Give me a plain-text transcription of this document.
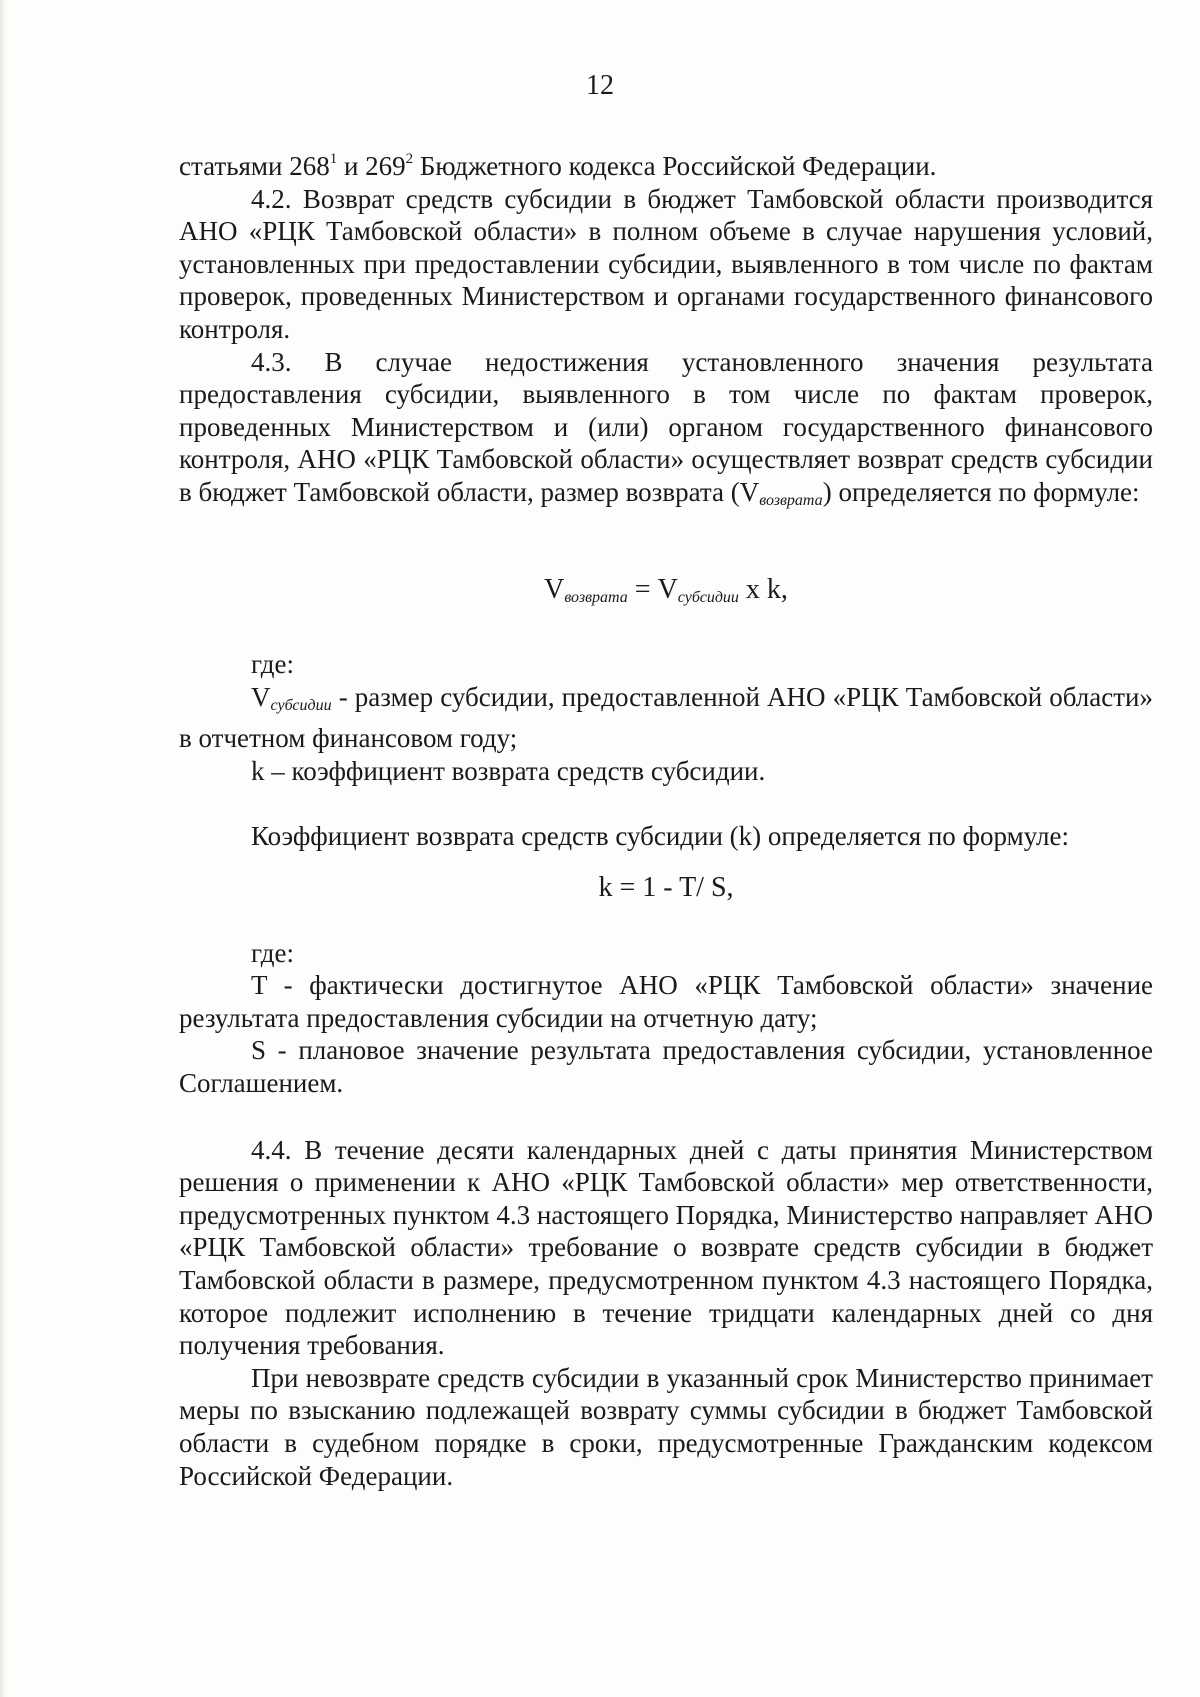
12

статьями $268^1$ и $269^2$ Бюджетного кодекса Российской Федерации.

4.2. Возврат средств субсидии в бюджет Тамбовской области производится АНО «РЦК Тамбовской области» в полном объеме в случае нарушения условий, установленных при предоставлении субсидии, выявленного в том числе по фактам проверок, проведенных Министерством и органами государственного финансового контроля.

4.3. В случае недостижения установленного значения результата предоставления субсидии, выявленного в том числе по фактам проверок, проведенных Министерством и (или) органом государственного финансового контроля, АНО «РЦК Тамбовской области» осуществляет возврат средств субсидии в бюджет Тамбовской области, размер возврата (Vвозврата) определяется по формуле:

$V_{возврата} = V_{субсидии}$ x k,

где:

Vсубсидии - размер субсидии, предоставленной АНО «РЦК Тамбовской области» в отчетном финансовом году;

k – коэффициент возврата средств субсидии.

Коэффициент возврата средств субсидии (k) определяется по формуле:

k = 1 - T/ S,

где:

T - фактически достигнутое АНО «РЦК Тамбовской области» значение результата предоставления субсидии на отчетную дату;

S - плановое значение результата предоставления субсидии, установленное Соглашением.

4.4. В течение десяти календарных дней с даты принятия Министерством решения о применении к АНО «РЦК Тамбовской области» мер ответственности, предусмотренных пунктом 4.3 настоящего Порядка, Министерство направляет АНО «РЦК Тамбовской области» требование о возврате средств субсидии в бюджет Тамбовской области в размере, предусмотренном пунктом 4.3 настоящего Порядка, которое подлежит исполнению в течение тридцати календарных дней со дня получения требования.

При невозврате средств субсидии в указанный срок Министерство принимает меры по взысканию подлежащей возврату суммы субсидии в бюджет Тамбовской области в судебном порядке в сроки, предусмотренные Гражданским кодексом Российской Федерации.
